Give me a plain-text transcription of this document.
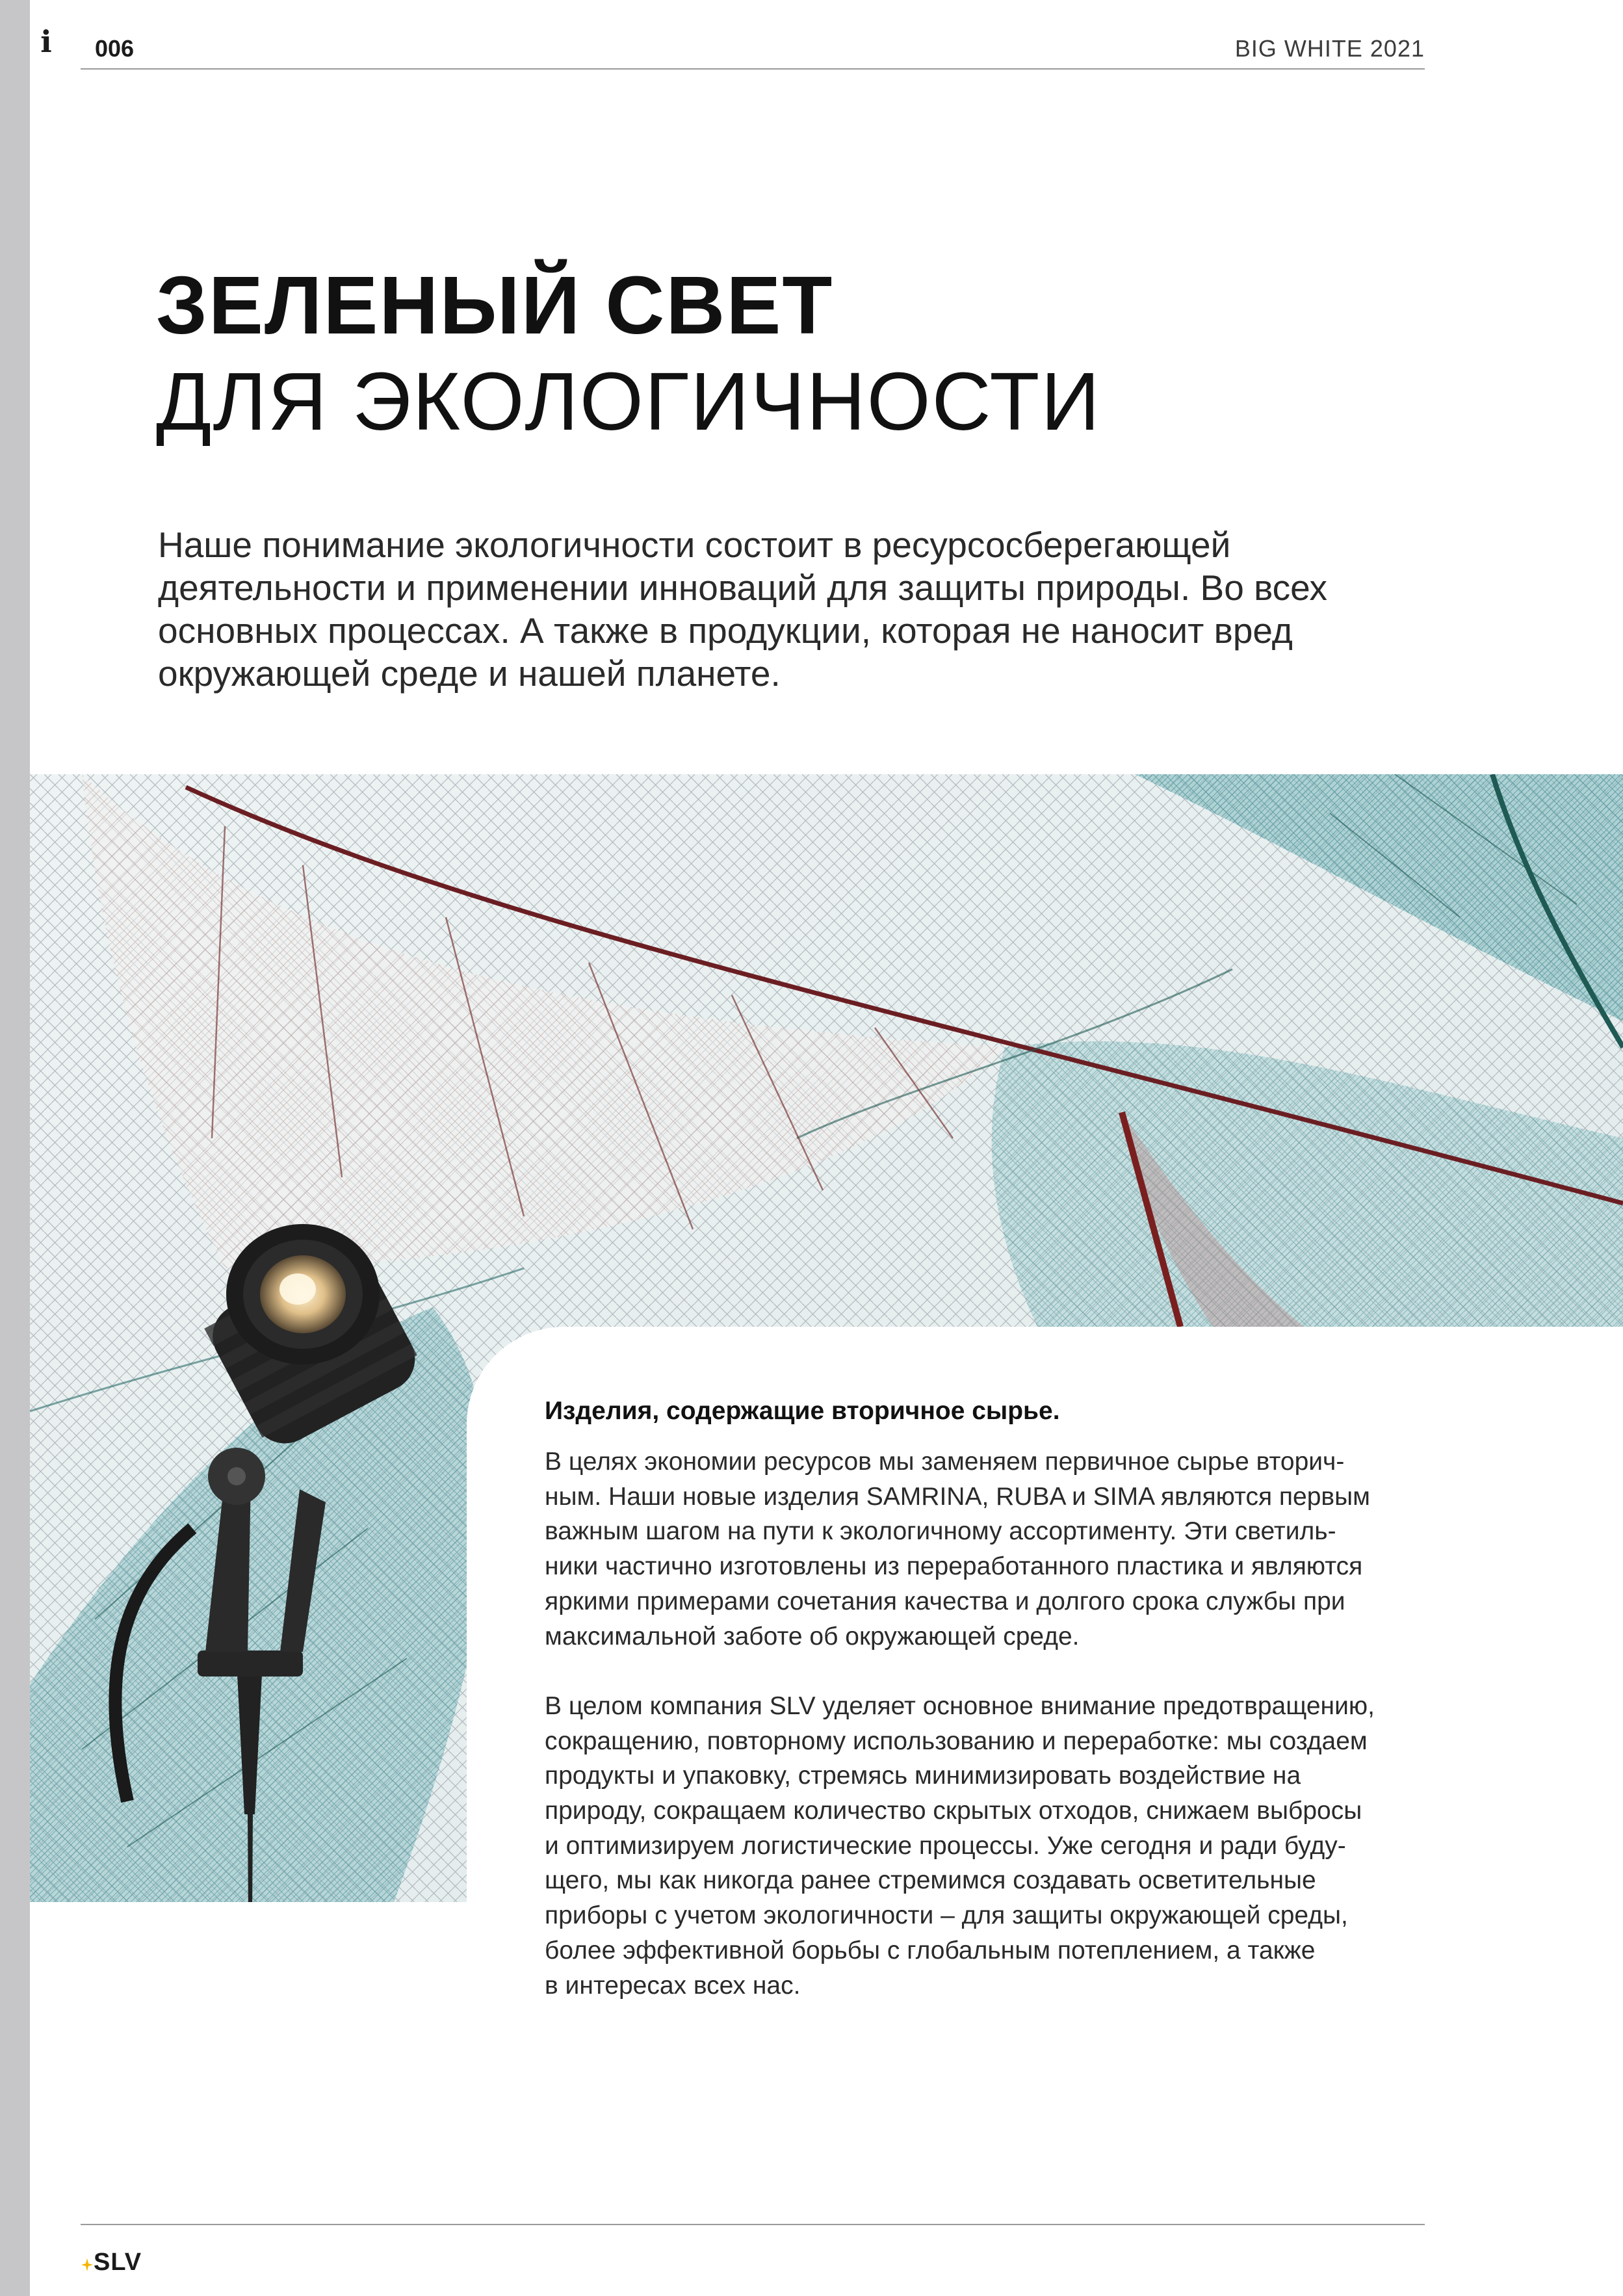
i 006	BIG WHITE 2021
ЗЕЛЕНЫЙ СВЕТ
ДЛЯ ЭКОЛОГИЧНОСТИ
Наше понимание экологичности состоит в ресурсосберегающей
деятельности и применении инноваций для защиты природы. Во всех
основных процессах. А также в продукции, которая не наносит вред
окружающей среде и нашей планете.
Изделия, содержащие вторичное сырье.
В целях экономии ресурсов мы заменяем первичное сырье вторич-
ным. Наши новые изделия SAMRINA, RUBA и SIMA являются первым
важным шагом на пути к экологичному ассортименту. Эти светиль-
ники частично изготовлены из переработанного пластика и являются
яркими примерами сочетания качества и долгого срока службы при
максимальной заботе об окружающей среде.
В целом компания SLV уделяет основное внимание предотвращению,
сокращению, повторному использованию и переработке: мы создаем
продукты и упаковку, стремясь минимизировать воздействие на
природу, сокращаем количество скрытых отходов, снижаем выбросы
и оптимизируем логистические процессы. Уже сегодня и ради буду-
щего, мы как никогда ранее стремимся создавать осветительные
приборы с учетом экологичности – для защиты окружающей среды,
более эффективной борьбы с глобальным потеплением, а также
в интересах всех нас.
SLV
